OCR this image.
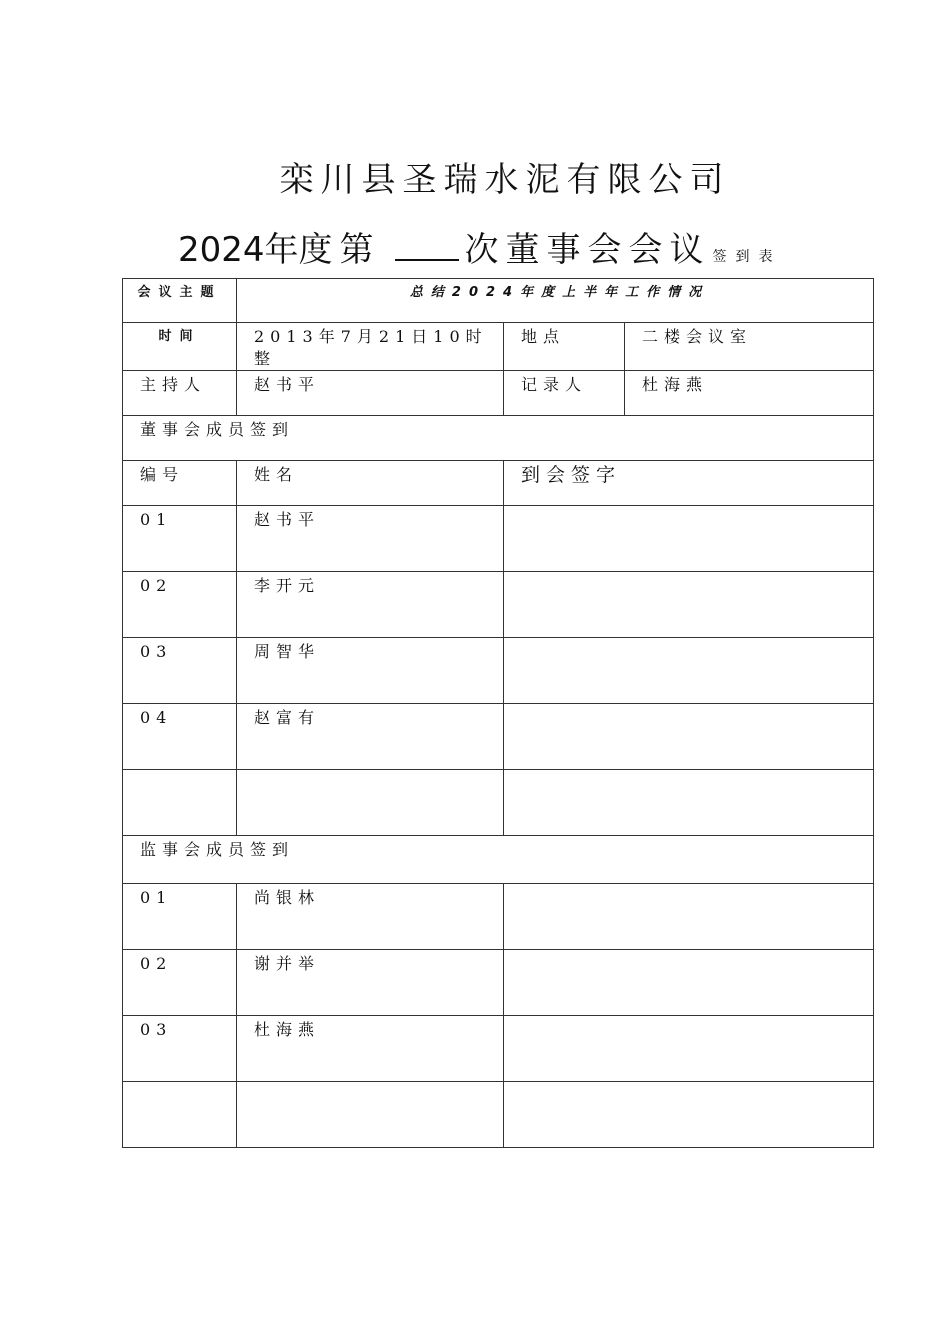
栾川县圣瑞水泥有限公司
2024年度第 次董事会会议 签到表
会议主题	总结2024年度上半年工作情况		
时间	2013年7月21日10时整	地点	二楼会议室
主持人	赵书平	记录人	杜海燕
董事会成员签到			
编号	姓名	到会签字	
01	赵书平		
02	李开元		
03	周智华		
04	赵富有		

监事会成员签到			
01	尚银林		
02	谢并举		
03	杜海燕		
